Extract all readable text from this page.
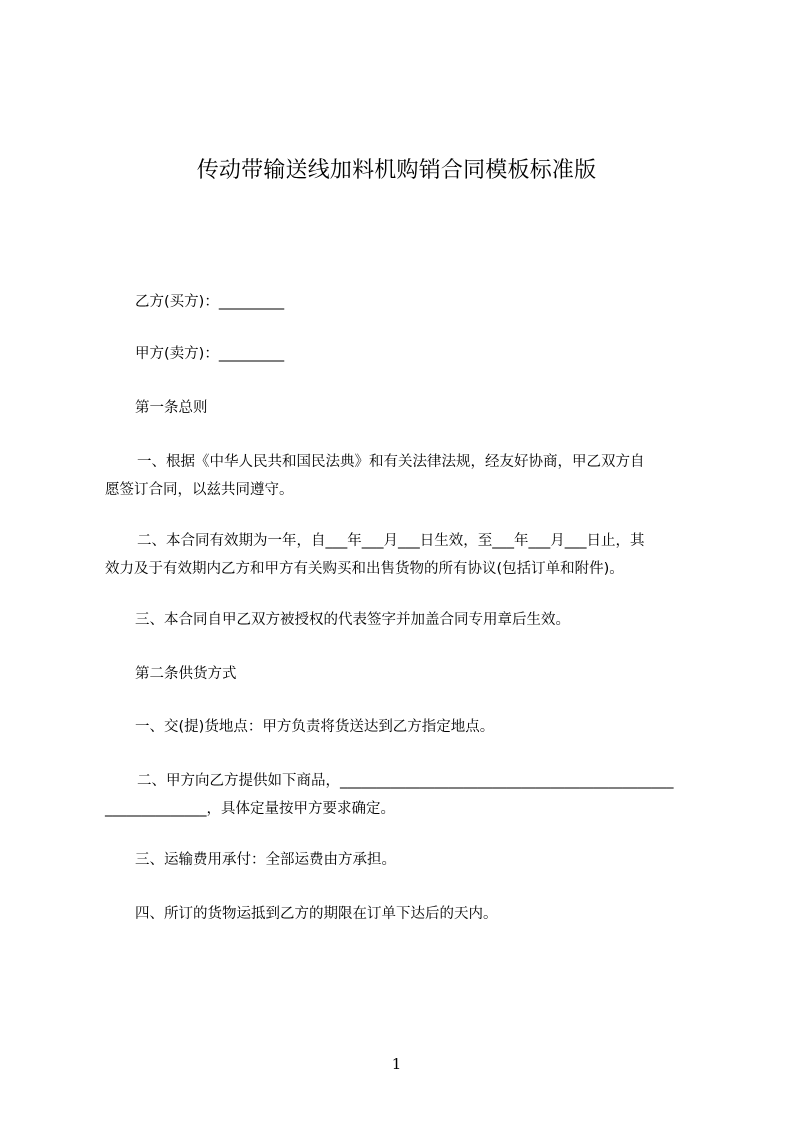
传动带输送线加料机购销合同模板标准版

乙方(买方)：_________

甲方(卖方)：_________

第一条总则

一、根据《中华人民共和国民法典》和有关法律法规，经友好协商，甲乙双方自
愿签订合同，以兹共同遵守。

二、本合同有效期为一年，自___年___月___日生效，至___年___月___日止，其
效力及于有效期内乙方和甲方有关购买和出售货物的所有协议(包括订单和附件)。

三、本合同自甲乙双方被授权的代表签字并加盖合同专用章后生效。

第二条供货方式

一、交(提)货地点：甲方负责将货送达到乙方指定地点。

二、甲方向乙方提供如下商品，______________________________________________
______________，具体定量按甲方要求确定。

三、运输费用承付：全部运费由方承担。

四、所订的货物运抵到乙方的期限在订单下达后的天内。

1
